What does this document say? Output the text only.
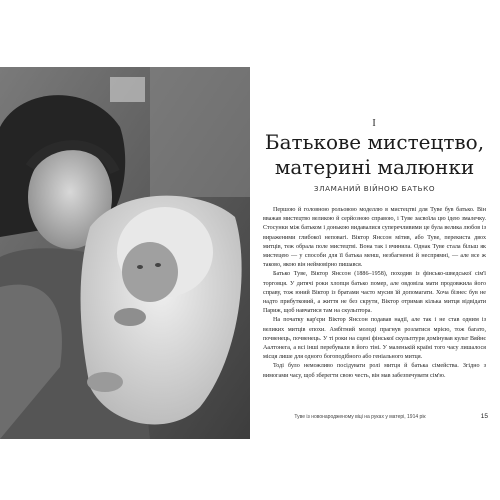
I
Батькове мистецтво,
материні малюнки
ЗЛАМАНИЙ ВІЙНОЮ БАТЬКО

Першою й головною рольовою моделлю в мистецтві для Туве був батько. Він вважав мистецтво великою й серйозною справою, і Туве засвоїла цю ідею змалечку. Стосунки між батьком і донькою видавалися суперечливими це була велика любов із вираженими глибокої неповагі. Віктор Янссон мітив, або Туве, перекиста двох митців, теж обрала поле мистецтві. Вона так і вчинила. Однак Туве стала більш як мистецею — у способи для її батька менш, незбагненні й неспрямні, — але все ж таково, якою він неймовірно пишався.

Батько Туве, Віктор Янссон (1886–1958), походив із фінсько-шведської сім'ї торговця. У дитячі роки хлопця батько помер, але овдовіла мати продовжила його справу, тож юний Віктор із братами часто мусив їй допомагати. Хоча бізнес був не надто прибутковий, а життя не без скрути, Віктор отримав кілька митця відвідати Париж, щоб навчатися там на скульптора.

На початку кар'єри Віктор Янссон подавав надії, але так і не став одним із великих митців епохи. Амбітний молоді прагнув розлатися мрією, тож багато, почвенець, почвенець. У ті роки на сцені фінської скульптури домінував культ Вяйнє Аалтонега, а всі інші перебували в його тіні. У маленькій країні того часу лишалося місця лише для одного богоподібного або геніального митця.

Тоді було неможливо посідувати ролі митця й батька сімейства. Згідно з вимогами часу, щоб зберегти свою честь, він мав забезпечувати сім'ю.

Туве із новонародженому віці на руках у матері, 1914 рік	15
